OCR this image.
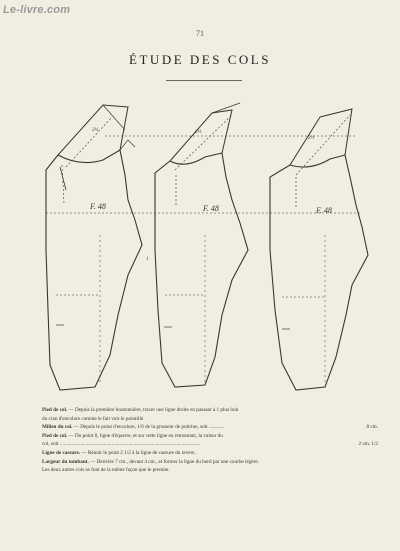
Le-livre.com
71
ÉTUDE DES COLS
F. 48	F. 48	F. 48
2¼	2½
2½
1
Pied de col. — Depuis la première boutonnière, tracer une ligne droite en passant à 1 plus loin
du cran d'encolure comme le fait voir le pointillé.
Milieu du col. — Depuis le point d'encolure, 1/6 de la grosseur de poitrine, soit ............	8 cm.
Pied de col. — Du point 8, ligne d'équerre, et sur cette ligne en remontant, la valeur du
col, soit ............................................................................................................	2 cm. 1/2
Ligne de cassure. — Réunir le point 2 1/2 à la ligne de cassure du revers.
Largeur du tombant. — Derrière 7 cm., devant 4 cm., et former la ligne du bord par une courbe légère.
Les deux autres cols se font de la même façon que le premier.
